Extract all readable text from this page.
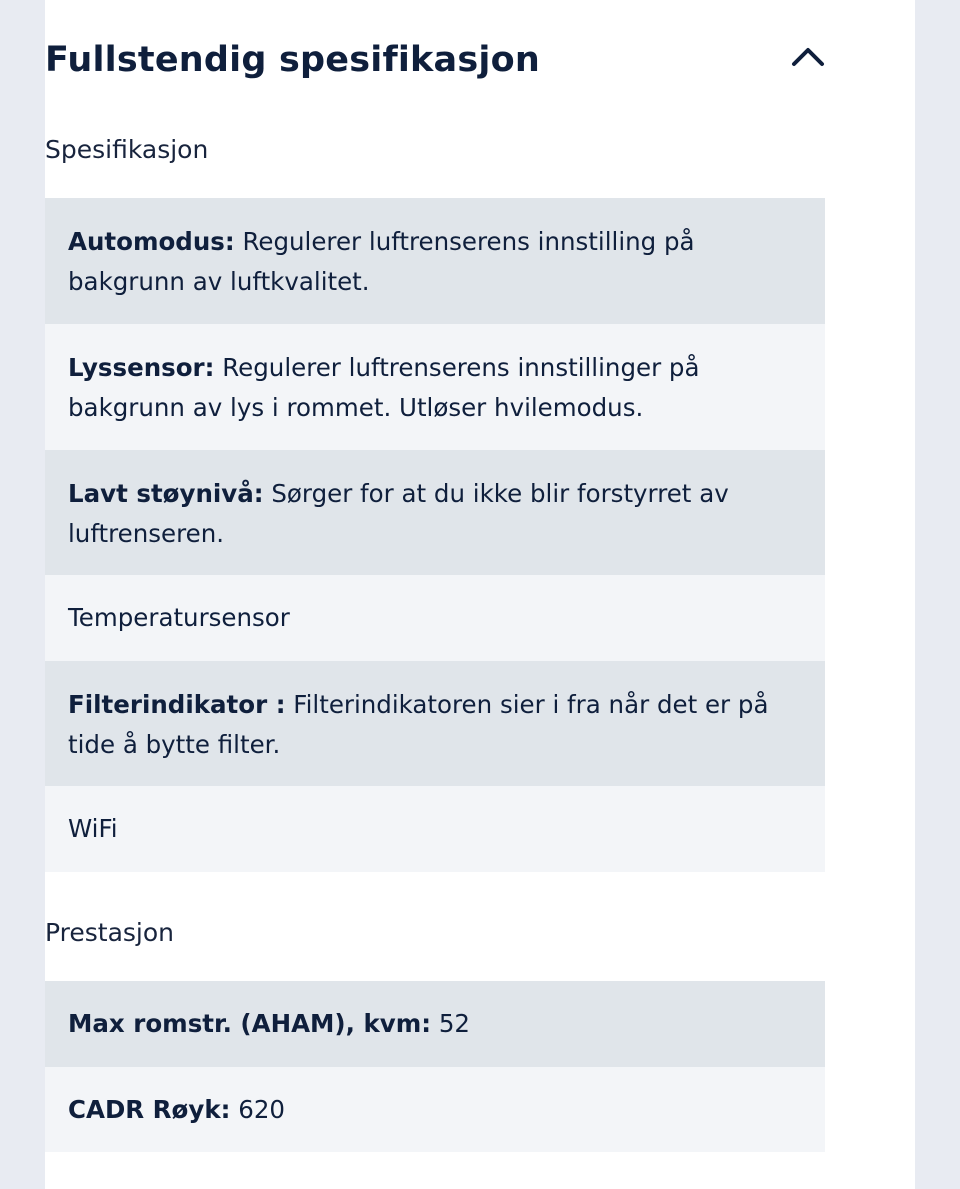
Fullstendig spesifikasjon
Spesifikasjon
Automodus: Regulerer luftrenserens innstilling på bakgrunn av luftkvalitet.
Lyssensor: Regulerer luftrenserens innstillinger på bakgrunn av lys i rommet. Utløser hvilemodus.
Lavt støynivå: Sørger for at du ikke blir forstyrret av luftrenseren.
Temperatursensor
Filterindikator : Filterindikatoren sier i fra når det er på tide å bytte filter.
WiFi
Prestasjon
Max romstr. (AHAM), kvm: 52
CADR Røyk: 620
